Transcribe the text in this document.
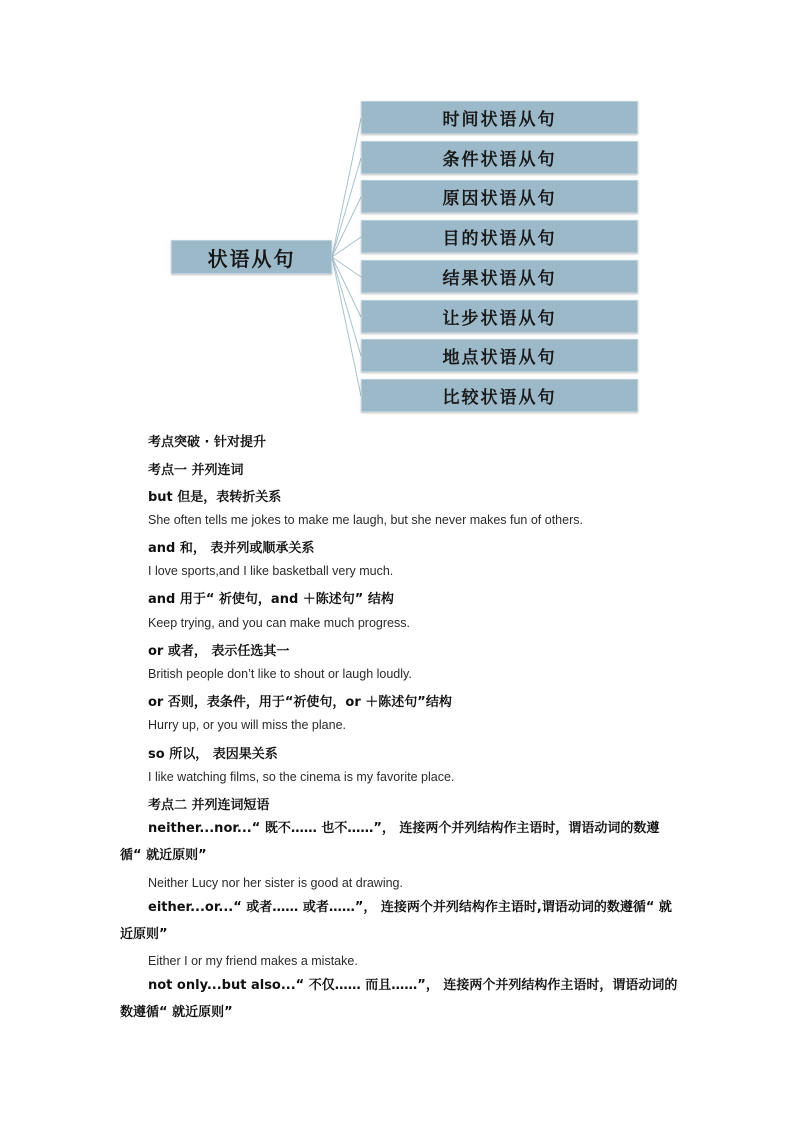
状语从句
时间状语从句
条件状语从句
原因状语从句
目的状语从句
结果状语从句
让步状语从句
地点状语从句
比较状语从句
考点突破 · 针对提升
考点一 并列连词
but 但是，表转折关系
She often tells me jokes to make me laugh, but she never makes fun of others.
and 和， 表并列或顺承关系
I love sports,and I like basketball very much.
and 用于“ 祈使句，and ＋陈述句” 结构
Keep trying, and you can make much progress.
or 或者， 表示任选其一
British people don’t like to shout or laugh loudly.
or 否则，表条件，用于“祈使句，or ＋陈述句”结构
Hurry up, or you will miss the plane.
so 所以， 表因果关系
I like watching films, so the cinema is my favorite place.
考点二 并列连词短语
neither...nor...“ 既不…… 也不……”， 连接两个并列结构作主语时，谓语动词的数遵循“ 就近原则”
Neither Lucy nor her sister is good at drawing.
either...or...“ 或者…… 或者……”， 连接两个并列结构作主语时,谓语动词的数遵循“ 就近原则”
Either I or my friend makes a mistake.
not only...but also...“ 不仅…… 而且……”， 连接两个并列结构作主语时，谓语动词的数遵循“ 就近原则”
